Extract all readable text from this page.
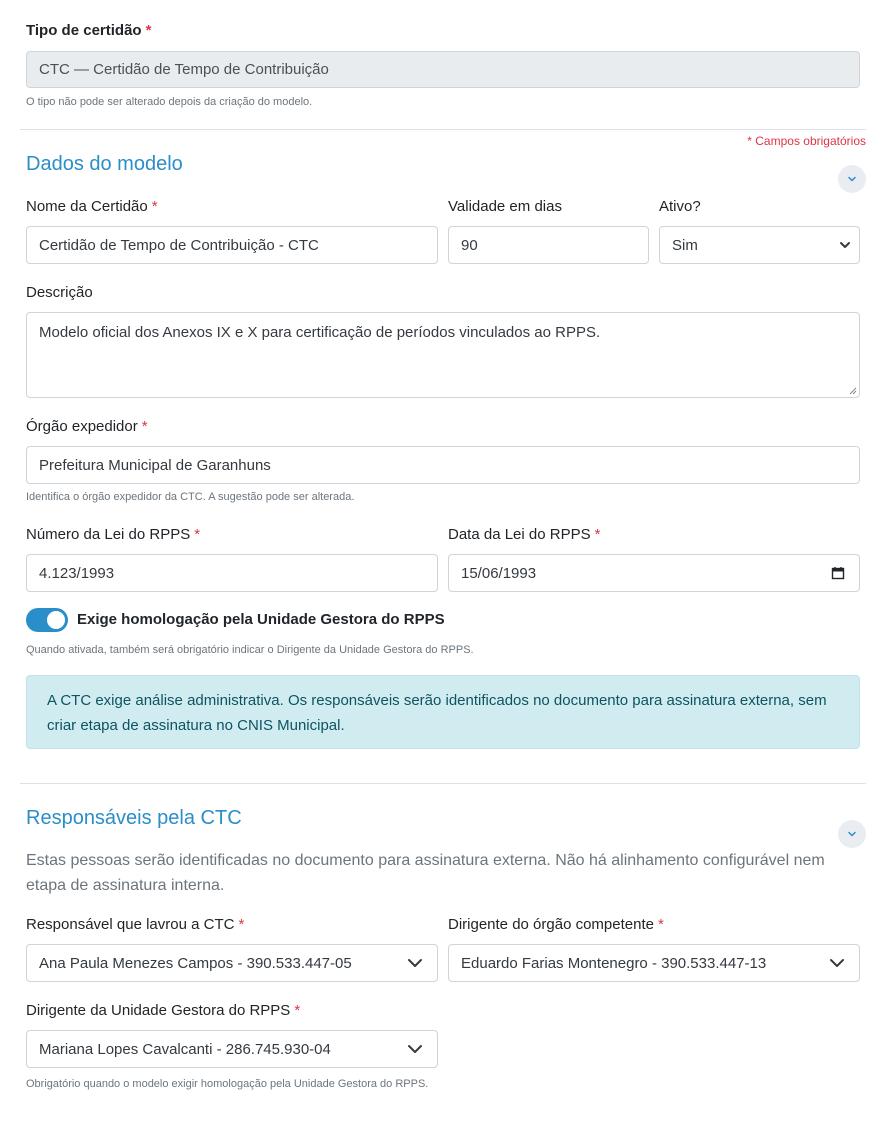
Tipo de certidão *
CTC — Certidão de Tempo de Contribuição
O tipo não pode ser alterado depois da criação do modelo.
* Campos obrigatórios
Dados do modelo
Nome da Certidão *
Certidão de Tempo de Contribuição - CTC
Validade em dias
90
Ativo?
Sim
Descrição
Modelo oficial dos Anexos IX e X para certificação de períodos vinculados ao RPPS.
Órgão expedidor *
Prefeitura Municipal de Garanhuns
Identifica o órgão expedidor da CTC. A sugestão pode ser alterada.
Número da Lei do RPPS *
4.123/1993
Data da Lei do RPPS *
15/06/1993
Exige homologação pela Unidade Gestora do RPPS
Quando ativada, também será obrigatório indicar o Dirigente da Unidade Gestora do RPPS.
A CTC exige análise administrativa. Os responsáveis serão identificados no documento para assinatura externa, sem criar etapa de assinatura no CNIS Municipal.
Responsáveis pela CTC
Estas pessoas serão identificadas no documento para assinatura externa. Não há alinhamento configurável nem etapa de assinatura interna.
Responsável que lavrou a CTC *
Ana Paula Menezes Campos - 390.533.447-05
Dirigente do órgão competente *
Eduardo Farias Montenegro - 390.533.447-13
Dirigente da Unidade Gestora do RPPS *
Mariana Lopes Cavalcanti - 286.745.930-04
Obrigatório quando o modelo exigir homologação pela Unidade Gestora do RPPS.
